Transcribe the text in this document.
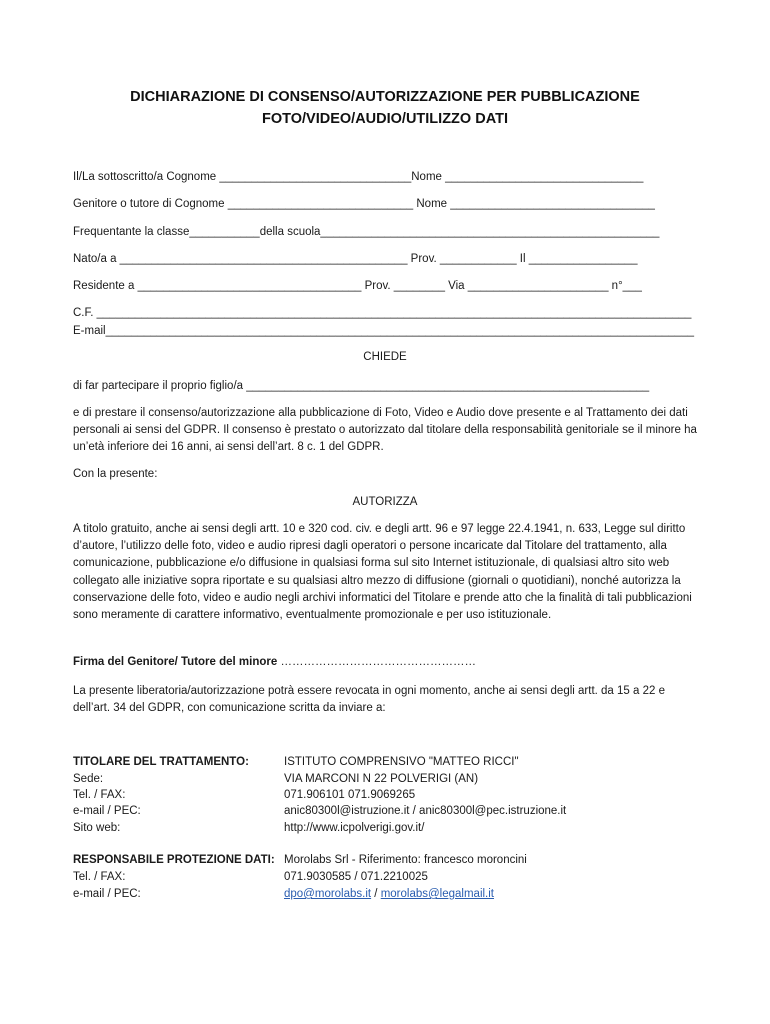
DICHIARAZIONE DI CONSENSO/AUTORIZZAZIONE PER PUBBLICAZIONE
FOTO/VIDEO/AUDIO/UTILIZZO DATI
Il/La sottoscritto/a Cognome ______________________________Nome _______________________________
Genitore o tutore di Cognome _____________________________ Nome ________________________________
Frequentante la classe___________della scuola_____________________________________________________
Nato/a a _____________________________________________ Prov. ____________ Il _________________
Residente a ___________________________________ Prov. ________ Via ______________________ n°___
C.F. _____________________________________________________________________________________________
E-mail____________________________________________________________________________________________
CHIEDE
di far partecipare il proprio figlio/a _______________________________________________________________
e di prestare il consenso/autorizzazione alla pubblicazione di Foto, Video e Audio dove presente e al Trattamento dei dati personali ai sensi del GDPR. Il consenso è prestato o autorizzato dal titolare della responsabilità genitoriale se il minore ha un’età inferiore dei 16 anni, ai sensi dell’art. 8 c. 1 del GDPR.
Con la presente:
AUTORIZZA
A titolo gratuito, anche ai sensi degli artt. 10 e 320 cod. civ. e degli artt. 96 e 97 legge 22.4.1941, n. 633, Legge sul diritto d’autore, l’utilizzo delle foto, video e audio ripresi dagli operatori o persone incaricate dal Titolare del trattamento, alla comunicazione, pubblicazione e/o diffusione in qualsiasi forma sul sito Internet istituzionale, di qualsiasi altro sito web collegato alle iniziative sopra riportate e su qualsiasi altro mezzo di diffusione (giornali o quotidiani), nonché autorizza la conservazione delle foto, video e audio negli archivi informatici del Titolare e prende atto che la finalità di tali pubblicazioni sono meramente di carattere informativo, eventualmente promozionale e per uso istituzionale.
Firma del Genitore/ Tutore del minore ……………………………………………
La presente liberatoria/autorizzazione potrà essere revocata in ogni momento, anche ai sensi degli artt. da 15 a 22 e dell’art. 34 del GDPR, con comunicazione scritta da inviare a:
TITOLARE DEL TRATTAMENTO:	ISTITUTO COMPRENSIVO "MATTEO RICCI"
Sede:	VIA MARCONI N 22 POLVERIGI (AN)
Tel. / FAX:	071.906101 071.9069265
e-mail / PEC:	anic80300l@istruzione.it / anic80300l@pec.istruzione.it
Sito web:	http://www.icpolverigi.gov.it/
RESPONSABILE PROTEZIONE DATI: Morolabs Srl - Riferimento: francesco moroncini
Tel. / FAX:	071.9030585 / 071.2210025
e-mail / PEC:	dpo@morolabs.it / morolabs@legalmail.it
